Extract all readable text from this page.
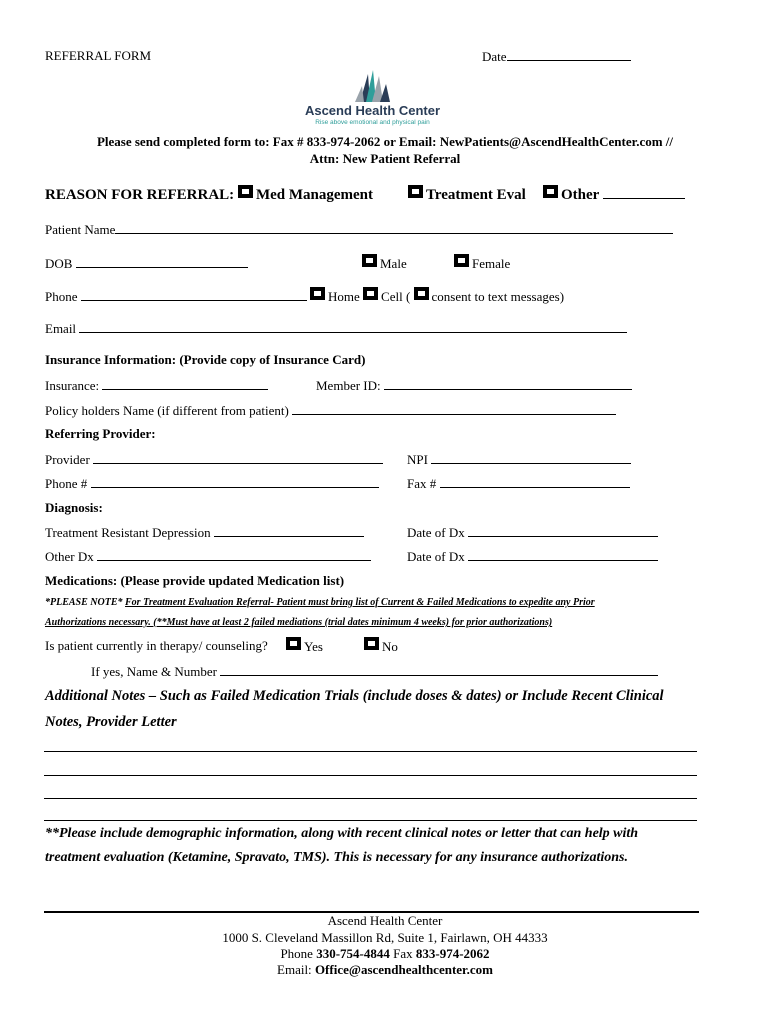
REFERRAL FORM	Date
Ascend Health Center
Rise above emotional and physical pain
Please send completed form to: Fax # 833-974-2062 or Email: NewPatients@AscendHealthCenter.com //
Attn: New Patient Referral
REASON FOR REFERRAL: Med Management	Treatment Eval	Other
Patient Name
DOB	Male	Female
Phone	Home Cell ( consent to text messages)
Email
Insurance Information: (Provide copy of Insurance Card)
Insurance:	Member ID:
Policy holders Name (if different from patient)
Referring Provider:
Provider	NPI
Phone #	Fax #
Diagnosis:
Treatment Resistant Depression	Date of Dx
Other Dx	Date of Dx
Medications: (Please provide updated Medication list)
*PLEASE NOTE* For Treatment Evaluation Referral- Patient must bring list of Current & Failed Medications to expedite any Prior
Authorizations necessary. (**Must have at least 2 failed mediations (trial dates minimum 4 weeks) for prior authorizations)
Is patient currently in therapy/ counseling?	Yes	No
If yes, Name & Number
Additional Notes – Such as Failed Medication Trials (include doses & dates) or Include Recent Clinical
Notes, Provider Letter
**Please include demographic information, along with recent clinical notes or letter that can help with
treatment evaluation (Ketamine, Spravato, TMS). This is necessary for any insurance authorizations.
Ascend Health Center
1000 S. Cleveland Massillon Rd, Suite 1, Fairlawn, OH 44333
Phone 330-754-4844 Fax 833-974-2062
Email: Office@ascendhealthcenter.com
